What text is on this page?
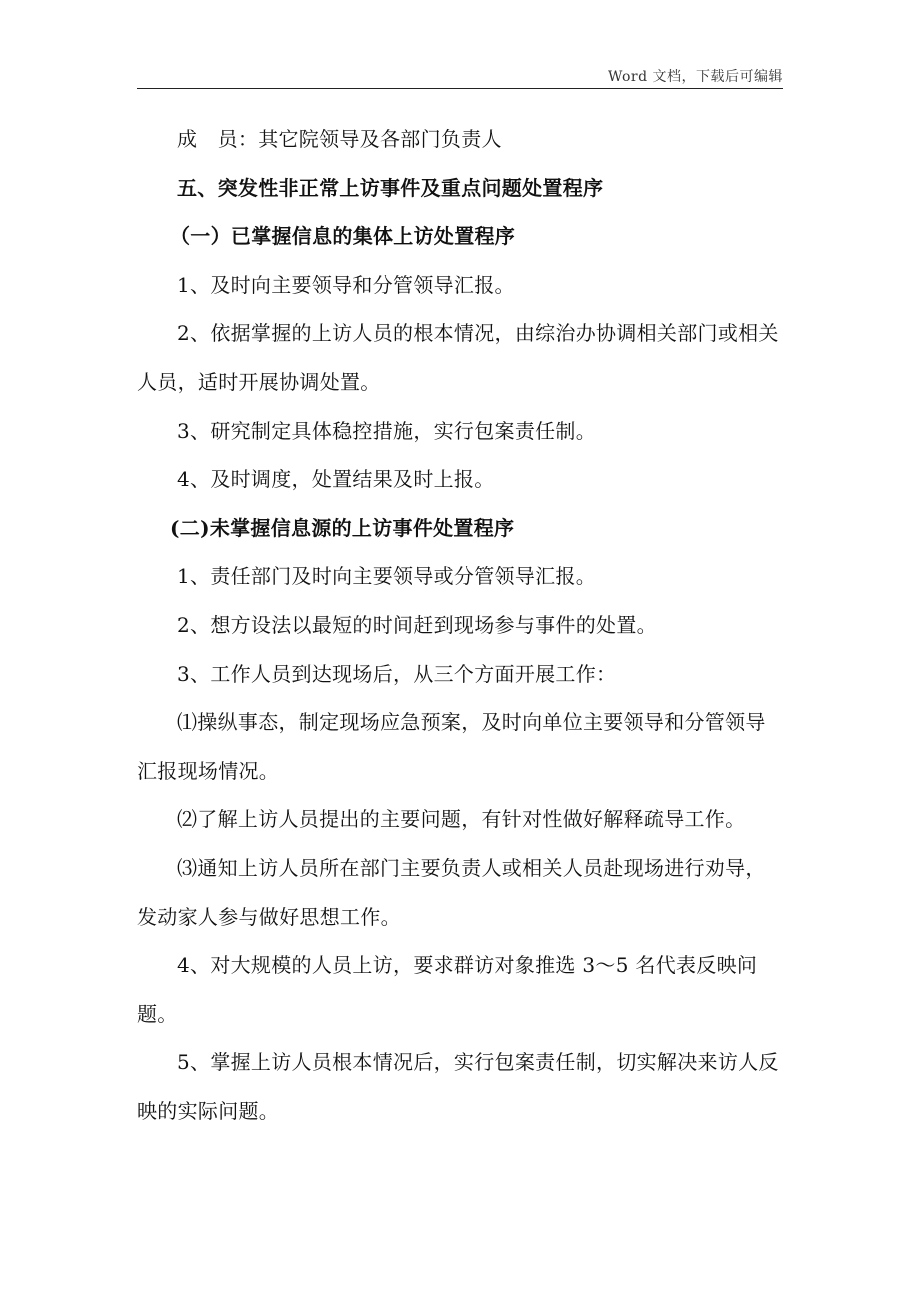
Word 文档，下载后可编辑

成　员：其它院领导及各部门负责人

五、突发性非正常上访事件及重点问题处置程序

（一）已掌握信息的集体上访处置程序

1、及时向主要领导和分管领导汇报。

2、依据掌握的上访人员的根本情况，由综治办协调相关部门或相关人员，适时开展协调处置。

3、研究制定具体稳控措施，实行包案责任制。

4、及时调度，处置结果及时上报。

(二)未掌握信息源的上访事件处置程序

1、责任部门及时向主要领导或分管领导汇报。

2、想方设法以最短的时间赶到现场参与事件的处置。

3、工作人员到达现场后，从三个方面开展工作：

⑴操纵事态，制定现场应急预案，及时向单位主要领导和分管领导汇报现场情况。

⑵了解上访人员提出的主要问题，有针对性做好解释疏导工作。

⑶通知上访人员所在部门主要负责人或相关人员赴现场进行劝导，发动家人参与做好思想工作。

4、对大规模的人员上访，要求群访对象推选 3～5 名代表反映问题。

5、掌握上访人员根本情况后，实行包案责任制，切实解决来访人反映的实际问题。
